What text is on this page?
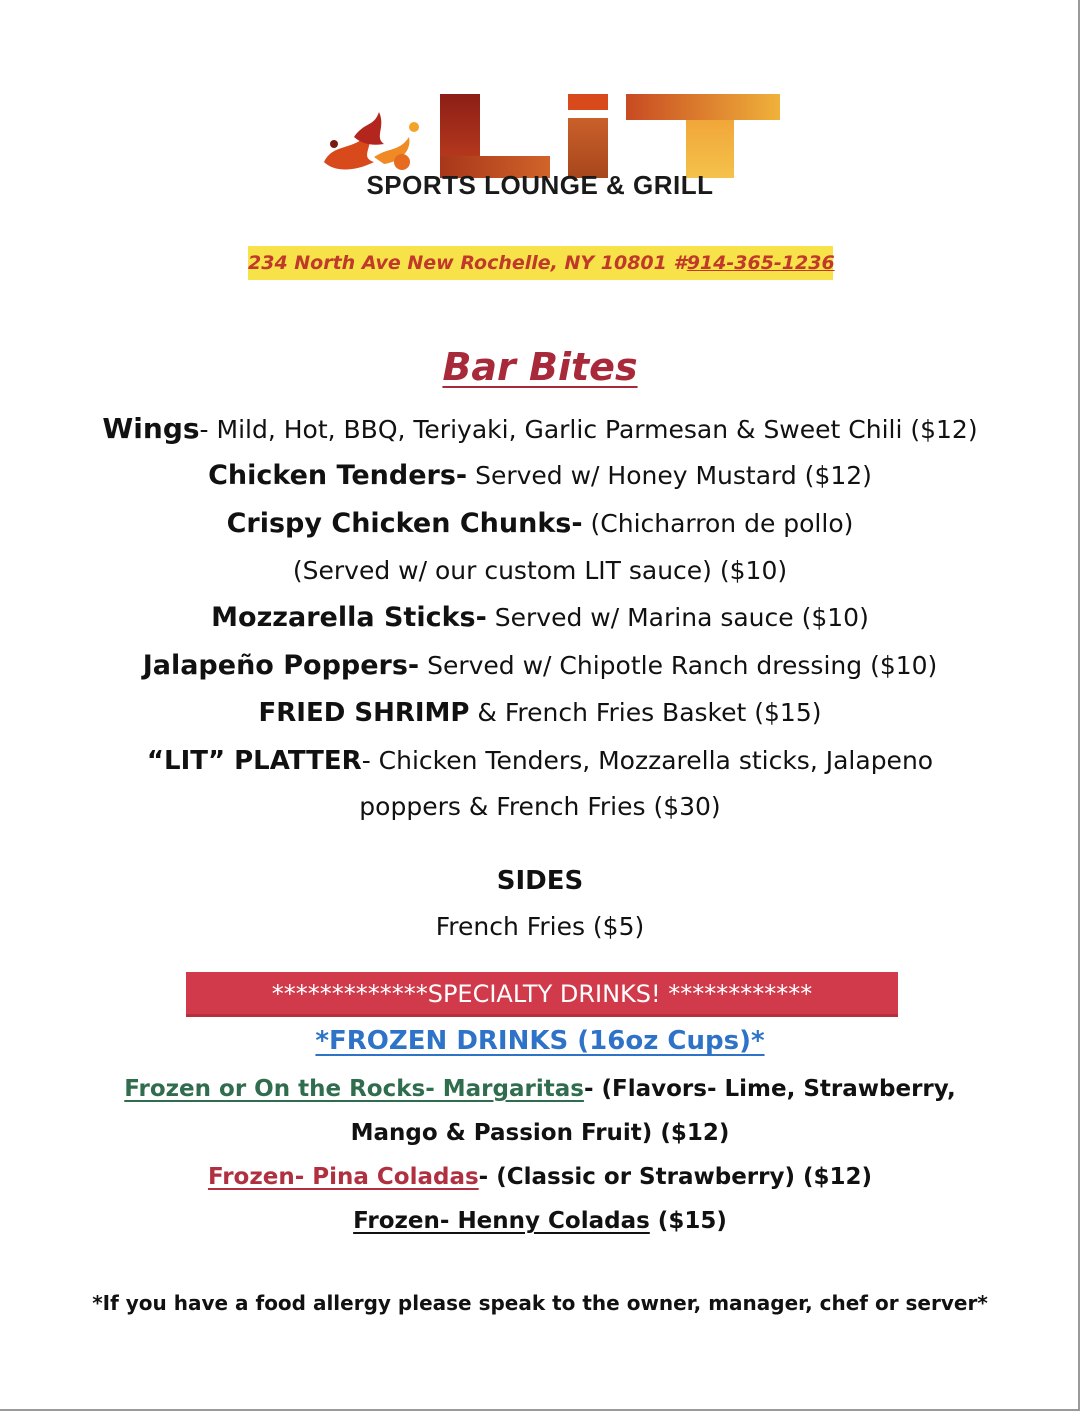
SPORTS LOUNGE & GRILL
234 North Ave New Rochelle, NY 10801 #914-365-1236
Bar Bites
Wings- Mild, Hot, BBQ, Teriyaki, Garlic Parmesan & Sweet Chili ($12)
Chicken Tenders- Served w/ Honey Mustard ($12)
Crispy Chicken Chunks- (Chicharron de pollo)
(Served w/ our custom LIT sauce) ($10)
Mozzarella Sticks- Served w/ Marina sauce ($10)
Jalapeño Poppers- Served w/ Chipotle Ranch dressing ($10)
FRIED SHRIMP & French Fries Basket ($15)
“LIT” PLATTER- Chicken Tenders, Mozzarella sticks, Jalapeno
poppers & French Fries ($30)
SIDES
French Fries ($5)
*************SPECIALTY DRINKS! ************
*FROZEN DRINKS (16oz Cups)*
Frozen or On the Rocks- Margaritas- (Flavors- Lime, Strawberry,
Mango & Passion Fruit) ($12)
Frozen- Pina Coladas- (Classic or Strawberry) ($12)
Frozen- Henny Coladas ($15)
*If you have a food allergy please speak to the owner, manager, chef or server*
